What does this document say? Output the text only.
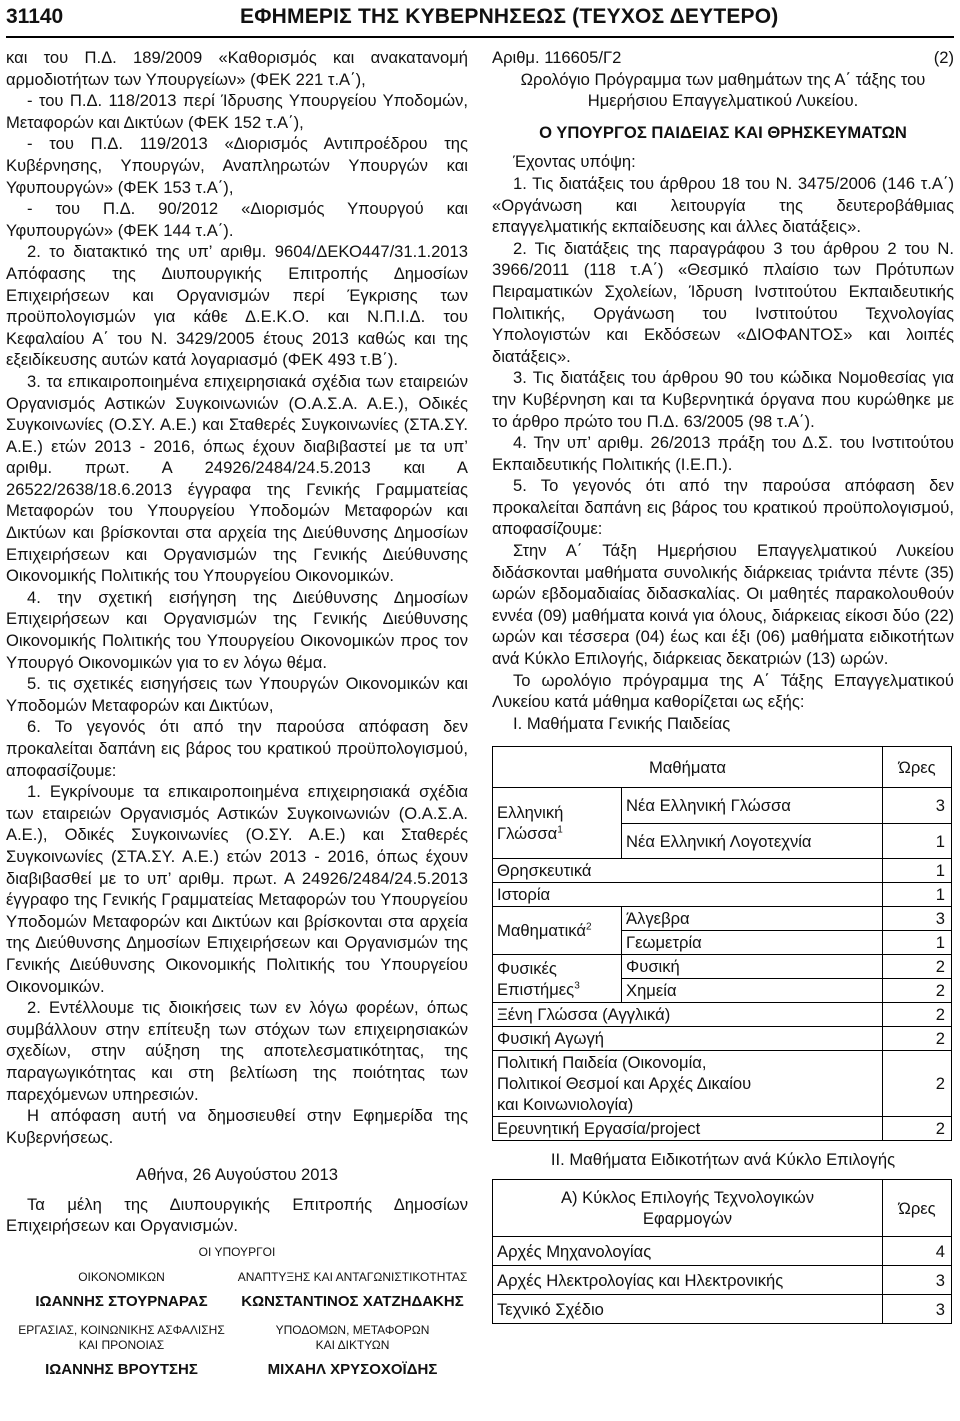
31140	ΕΦΗΜΕΡΙΣ ΤΗΣ ΚΥΒΕΡΝΗΣΕΩΣ (ΤΕΥΧΟΣ ΔΕΥΤΕΡΟ)

και του Π.Δ. 189/2009 «Καθορισμός και ανακατανομή αρμοδιοτήτων των Υπουργείων» (ΦΕΚ 221 τ.Α΄),

- του Π.Δ. 118/2013 περί Ίδρυσης Υπουργείου Υποδομών, Μεταφορών και Δικτύων (ΦΕΚ 152 τ.Α΄),

- του Π.Δ. 119/2013 «Διορισμός Αντιπροέδρου της Κυβέρνησης, Υπουργών, Αναπληρωτών Υπουργών και Υφυπουργών» (ΦΕΚ 153 τ.Α΄),

- του Π.Δ. 90/2012 «Διορισμός Υπουργού και Υφυπουργών» (ΦΕΚ 144 τ.Α΄).

2. το διατακτικό της υπ’ αριθμ. 9604/ΔΕΚΟ447/31.1.2013 Απόφασης της Διυπουργικής Επιτροπής Δημοσίων Επιχειρήσεων και Οργανισμών περί Έγκρισης των προϋπολογισμών για κάθε Δ.Ε.Κ.Ο. και Ν.Π.Ι.Δ. του Κεφαλαίου Α΄ του Ν. 3429/2005 έτους 2013 καθώς και της εξειδίκευσης αυτών κατά λογαριασμό (ΦΕΚ 493 τ.Β΄).

3. τα επικαιροποιημένα επιχειρησιακά σχέδια των εταιρειών Οργανισμός Αστικών Συγκοινωνιών (Ο.Α.Σ.Α. Α.Ε.), Οδικές Συγκοινωνίες (Ο.ΣΥ. Α.Ε.) και Σταθερές Συγκοινωνίες (ΣΤΑ.ΣΥ. Α.Ε.) ετών 2013 - 2016, όπως έχουν διαβιβαστεί με τα υπ’ αριθμ. πρωτ. Α 24926/2484/24.5.2013 και Α 26522/2638/18.6.2013 έγγραφα της Γενικής Γραμματείας Μεταφορών του Υπουργείου Υποδομών Μεταφορών και Δικτύων και βρίσκονται στα αρχεία της Διεύθυνσης Δημοσίων Επιχειρήσεων και Οργανισμών της Γενικής Διεύθυνσης Οικονομικής Πολιτικής του Υπουργείου Οικονομικών.

4. την σχετική εισήγηση της Διεύθυνσης Δημοσίων Επιχειρήσεων και Οργανισμών της Γενικής Διεύθυνσης Οικονομικής Πολιτικής του Υπουργείου Οικονομικών προς τον Υπουργό Οικονομικών για το εν λόγω θέμα.

5. τις σχετικές εισηγήσεις των Υπουργών Οικονομικών και Υποδομών Μεταφορών και Δικτύων,

6. Το γεγονός ότι από την παρούσα απόφαση δεν προκαλείται δαπάνη εις βάρος του κρατικού προϋπολογισμού, αποφασίζουμε:

1. Εγκρίνουμε τα επικαιροποιημένα επιχειρησιακά σχέδια των εταιρειών Οργανισμός Αστικών Συγκοινωνιών (Ο.Α.Σ.Α. Α.Ε.), Οδικές Συγκοινωνίες (Ο.ΣΥ. Α.Ε.) και Σταθερές Συγκοινωνίες (ΣΤΑ.ΣΥ. Α.Ε.) ετών 2013 - 2016, όπως έχουν διαβιβασθεί με το υπ’ αριθμ. πρωτ. Α 24926/2484/24.5.2013 έγγραφο της Γενικής Γραμματείας Μεταφορών του Υπουργείου Υποδομών Μεταφορών και Δικτύων και βρίσκονται στα αρχεία της Διεύθυνσης Δημοσίων Επιχειρήσεων και Οργανισμών της Γενικής Διεύθυνσης Οικονομικής Πολιτικής του Υπουργείου Οικονομικών.

2. Εντέλλουμε τις διοικήσεις των εν λόγω φορέων, όπως συμβάλλουν στην επίτευξη των στόχων των επιχειρησιακών σχεδίων, στην αύξηση της αποτελεσματικότητας, της παραγωγικότητας και στη βελτίωση της ποιότητας των παρεχόμενων υπηρεσιών.

Η απόφαση αυτή να δημοσιευθεί στην Εφημερίδα της Κυβερνήσεως.

Αθήνα, 26 Αυγούστου 2013

Τα μέλη της Διυπουργικής Επιτροπής Δημοσίων Επιχειρήσεων και Οργανισμών.

ΟΙ ΥΠΟΥΡΓΟΙ
ΟΙΚΟΝΟΜΙΚΩΝ
ΙΩΑΝΝΗΣ ΣΤΟΥΡΝΑΡΑΣ
ΑΝΑΠΤΥΞΗΣ ΚΑΙ ΑΝΤΑΓΩΝΙΣΤΙΚΟΤΗΤΑΣ
ΚΩΝΣΤΑΝΤΙΝΟΣ ΧΑΤΖΗΔΑΚΗΣ
ΕΡΓΑΣΙΑΣ, ΚΟΙΝΩΝΙΚΗΣ ΑΣΦΑΛΙΣΗΣ
ΚΑΙ ΠΡΟΝΟΙΑΣ
ΙΩΑΝΝΗΣ ΒΡΟΥΤΣΗΣ
ΥΠΟΔΟΜΩΝ, ΜΕΤΑΦΟΡΩΝ
ΚΑΙ ΔΙΚΤΥΩΝ
ΜΙΧΑΗΛ ΧΡΥΣΟΧΟΪΔΗΣ
Αριθμ. 116605/Γ2	(2)

Ωρολόγιο Πρόγραμμα των μαθημάτων της Α΄ τάξης του Ημερήσιου Επαγγελματικού Λυκείου.

Ο ΥΠΟΥΡΓΟΣ ΠΑΙΔΕΙΑΣ ΚΑΙ ΘΡΗΣΚΕΥΜΑΤΩΝ

Έχοντας υπόψη:

1. Τις διατάξεις του άρθρου 18 του Ν. 3475/2006 (146 τ.Α΄) «Οργάνωση και λειτουργία της δευτεροβάθμιας επαγγελματικής εκπαίδευσης και άλλες διατάξεις».

2. Τις διατάξεις της παραγράφου 3 του άρθρου 2 του Ν. 3966/2011 (118 τ.Α΄) «Θεσμικό πλαίσιο των Πρότυπων Πειραματικών Σχολείων, Ίδρυση Ινστιτούτου Εκπαιδευτικής Πολιτικής, Οργάνωση του Ινστιτούτου Τεχνολογίας Υπολογιστών και Εκδόσεων «ΔΙΟΦΑΝΤΟΣ» και λοιπές διατάξεις».

3. Τις διατάξεις του άρθρου 90 του κώδικα Νομοθεσίας για την Κυβέρνηση και τα Κυβερνητικά όργανα που κυρώθηκε με το άρθρο πρώτο του Π.Δ. 63/2005 (98 τ.Α΄).

4. Την υπ’ αριθμ. 26/2013 πράξη του Δ.Σ. του Ινστιτούτου Εκπαιδευτικής Πολιτικής (Ι.Ε.Π.).

5. Το γεγονός ότι από την παρούσα απόφαση δεν προκαλείται δαπάνη εις βάρος του κρατικού προϋπολογισμού, αποφασίζουμε:

Στην Α΄ Τάξη Ημερήσιου Επαγγελματικού Λυκείου διδάσκονται μαθήματα συνολικής διάρκειας τριάντα πέντε (35) ωρών εβδομαδιαίας διδασκαλίας. Οι μαθητές παρακολουθούν εννέα (09) μαθήματα κοινά για όλους, διάρκειας είκοσι δύο (22) ωρών και τέσσερα (04) έως και έξι (06) μαθήματα ειδικοτήτων ανά Κύκλο Επιλογής, διάρκειας δεκατριών (13) ωρών.

Το ωρολόγιο πρόγραμμα της Α΄ Τάξης Επαγγελματικού Λυκείου κατά μάθημα καθορίζεται ως εξής:

Ι. Μαθήματα Γενικής Παιδείας

Μαθήματα		Ώρες
Ελληνική Γλώσσα$^1$	Νέα Ελληνική Γλώσσα	3
	Νέα Ελληνική Λογοτεχνία	1
Θρησκευτικά		1
Ιστορία		1
Μαθηματικά$^2$	Άλγεβρα	3
	Γεωμετρία	1

Φυσικές
Επιστήμες$^3$	Φυσική	2
	Χημεία	2
Ξένη Γλώσσα (Αγγλικά)		2
Φυσική Αγωγή		2
Πολιτική Παιδεία (Οικονομία, Πολιτικοί Θεσμοί και Αρχές Δικαίου και Κοινωνιολογία)		2
Ερευνητική Εργασία/project		2

ΙΙ. Μαθήματα Ειδικοτήτων ανά Κύκλο Επιλογής

Α) Κύκλος Επιλογής Τεχνολογικών Εφαρμογών	Ώρες
Αρχές Μηχανολογίας	4
Αρχές Ηλεκτρολογίας και Ηλεκτρονικής	3
Τεχνικό Σχέδιο	3
